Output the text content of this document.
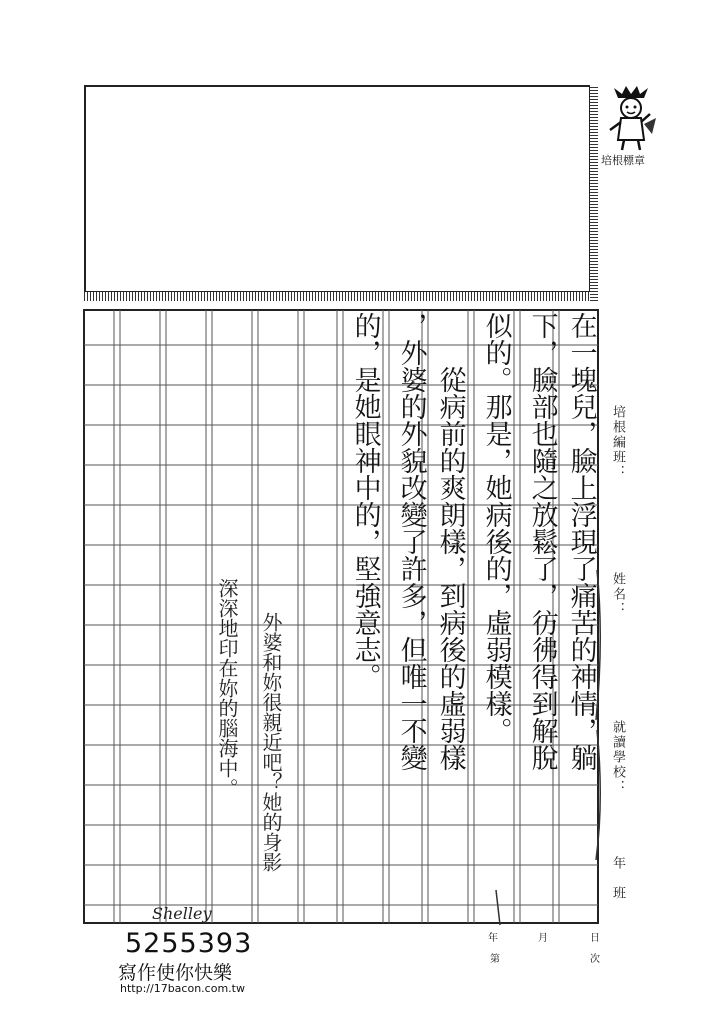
培根標章
在一塊兒，臉上浮現了痛苦的神情，躺
下，臉部也隨之放鬆了，彷彿得到解脫
似的。那是，她病後的，虛弱模樣。
　　從病前的爽朗樣，到病後的虛弱樣
，外婆的外貌改變了許多，但唯一不變
的，是她眼神中的，堅強意志。
外婆和妳很親近吧？她的身影
深深地印在妳的腦海中。
Shelley
培根編班：
姓名：
就讀學校：
年　班
年	月	日
第	次
5255393
寫作使你快樂
http://17bacon.com.tw
